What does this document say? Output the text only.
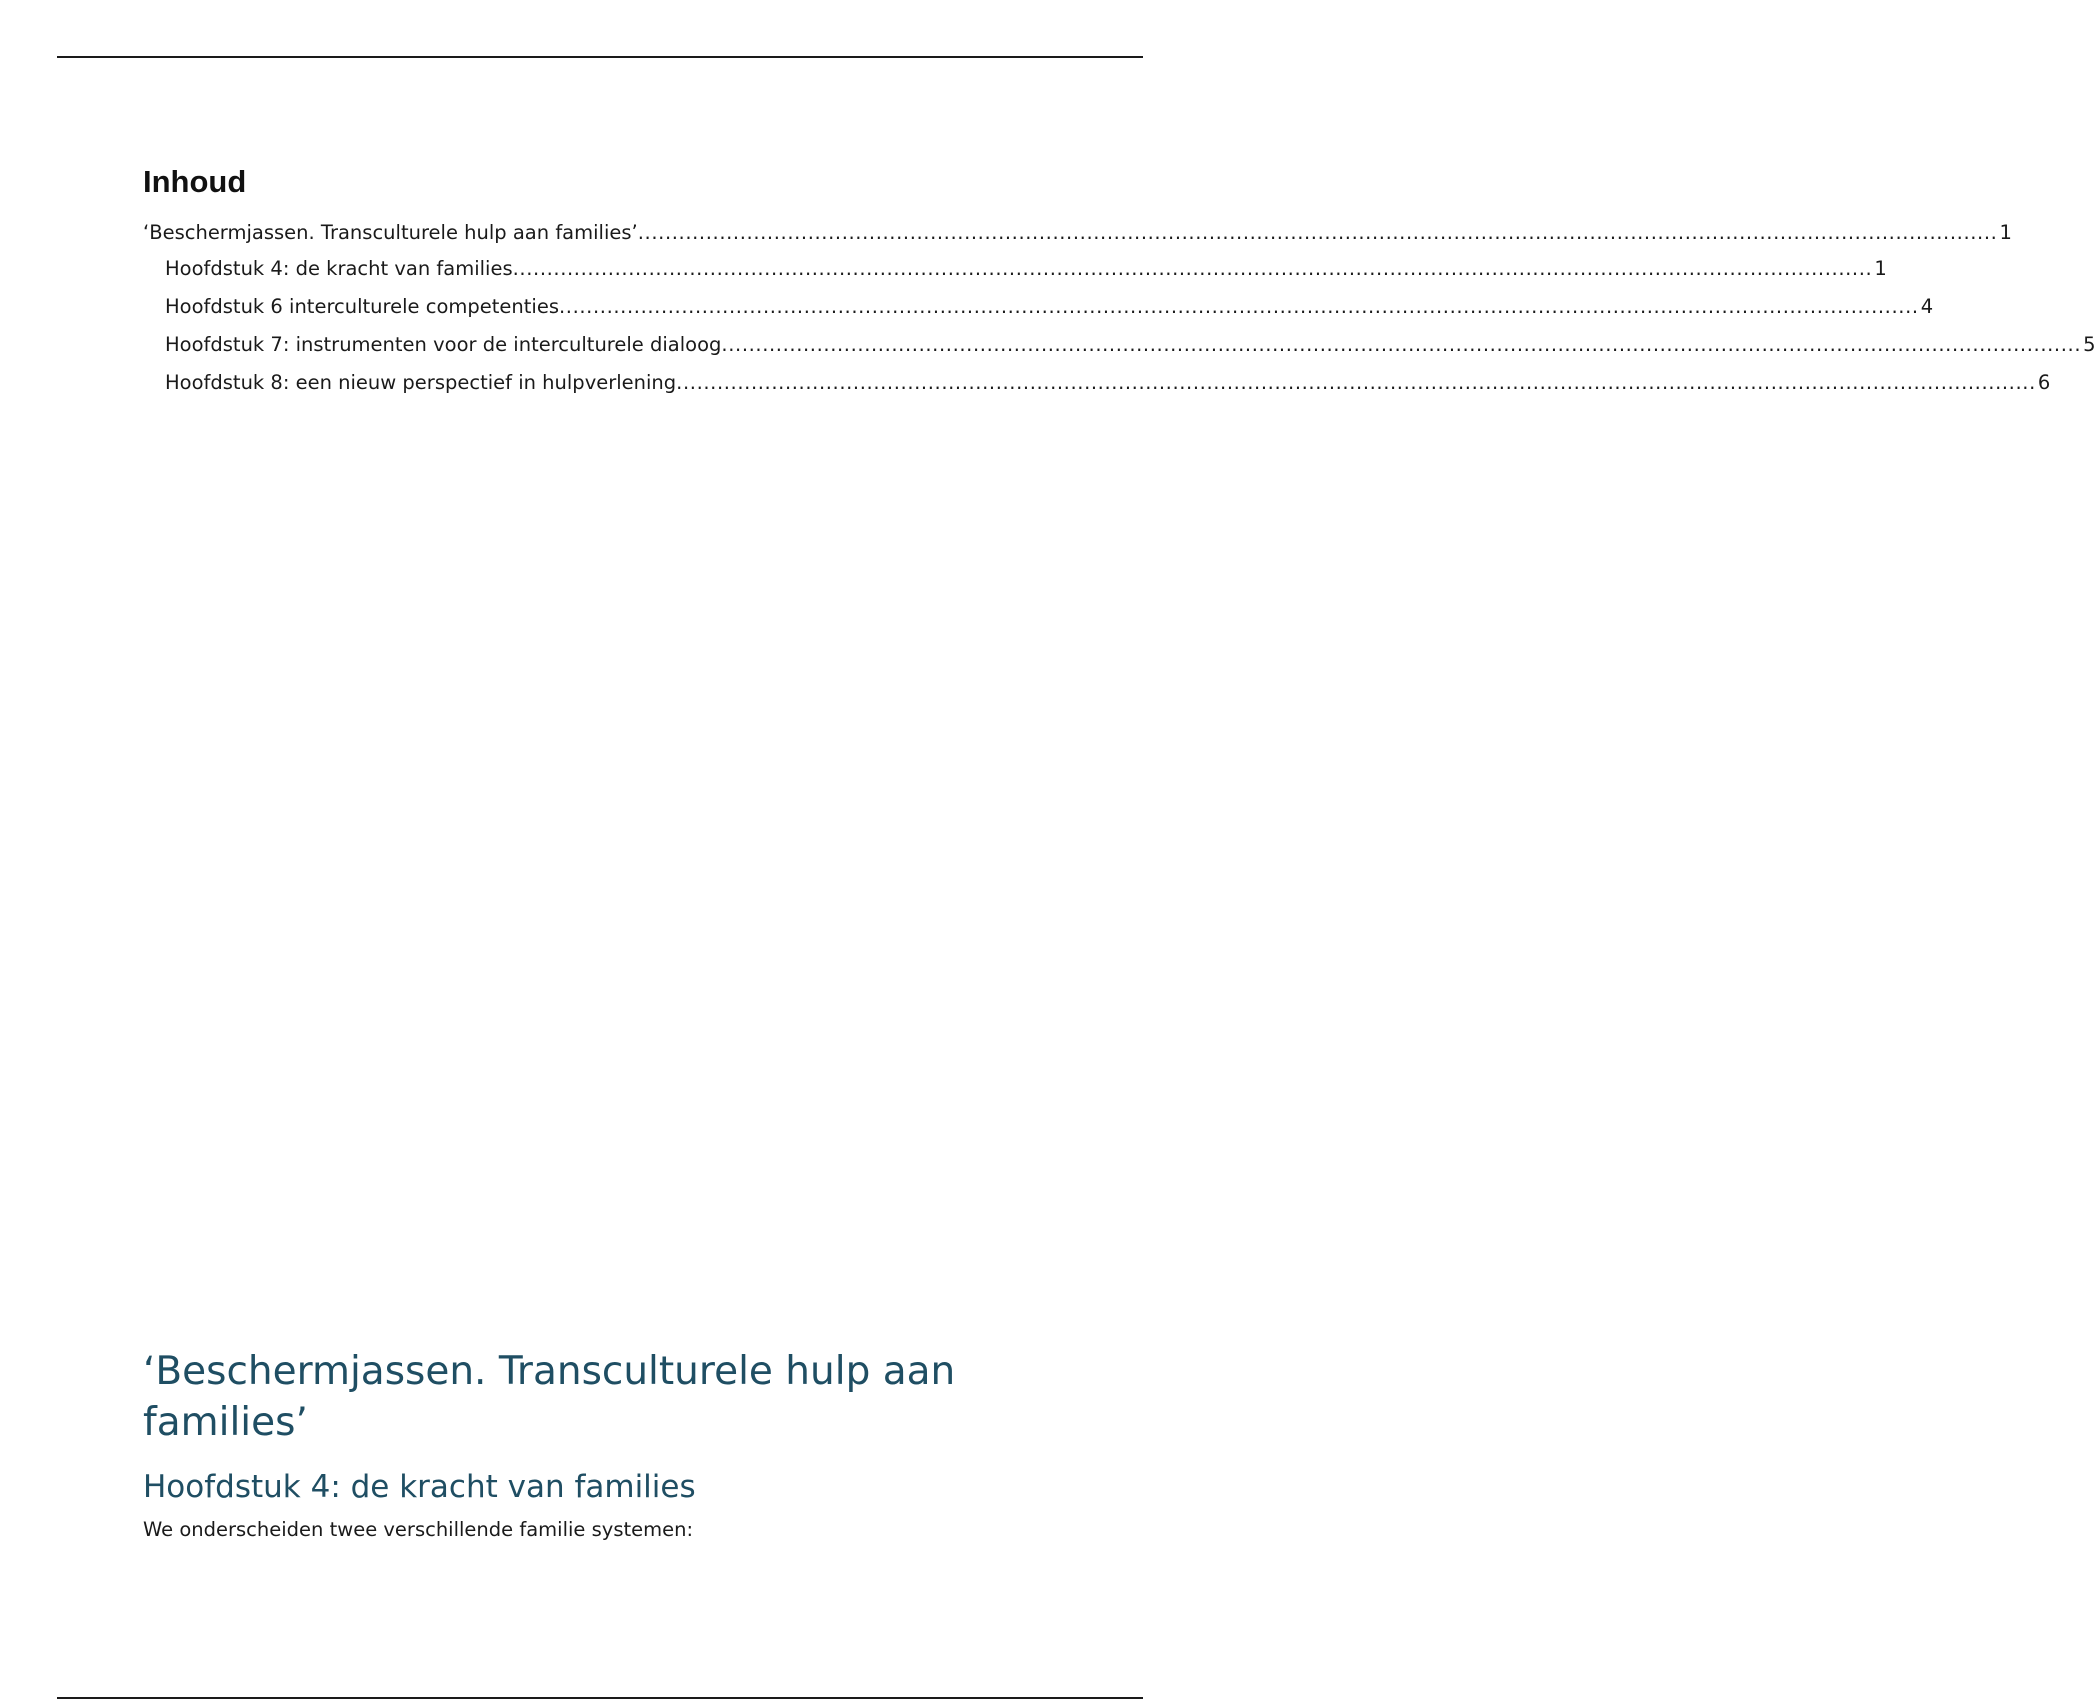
Inhoud
‘Beschermjassen. Transculturele hulp aan families’ ........................................................................................................................................................................................................ 1
Hoofdstuk 4: de kracht van families ........................................................................................................................................................................................................ 1
Hoofdstuk 6 interculturele competenties ........................................................................................................................................................................................................ 4
Hoofdstuk 7: instrumenten voor de interculturele dialoog ........................................................................................................................................................................................................ 5
Hoofdstuk 8: een nieuw perspectief in hulpverlening ........................................................................................................................................................................................................ 6
‘Beschermjassen. Transculturele hulp aan families’
Hoofdstuk 4: de kracht van families

We onderscheiden twee verschillende familie systemen:
